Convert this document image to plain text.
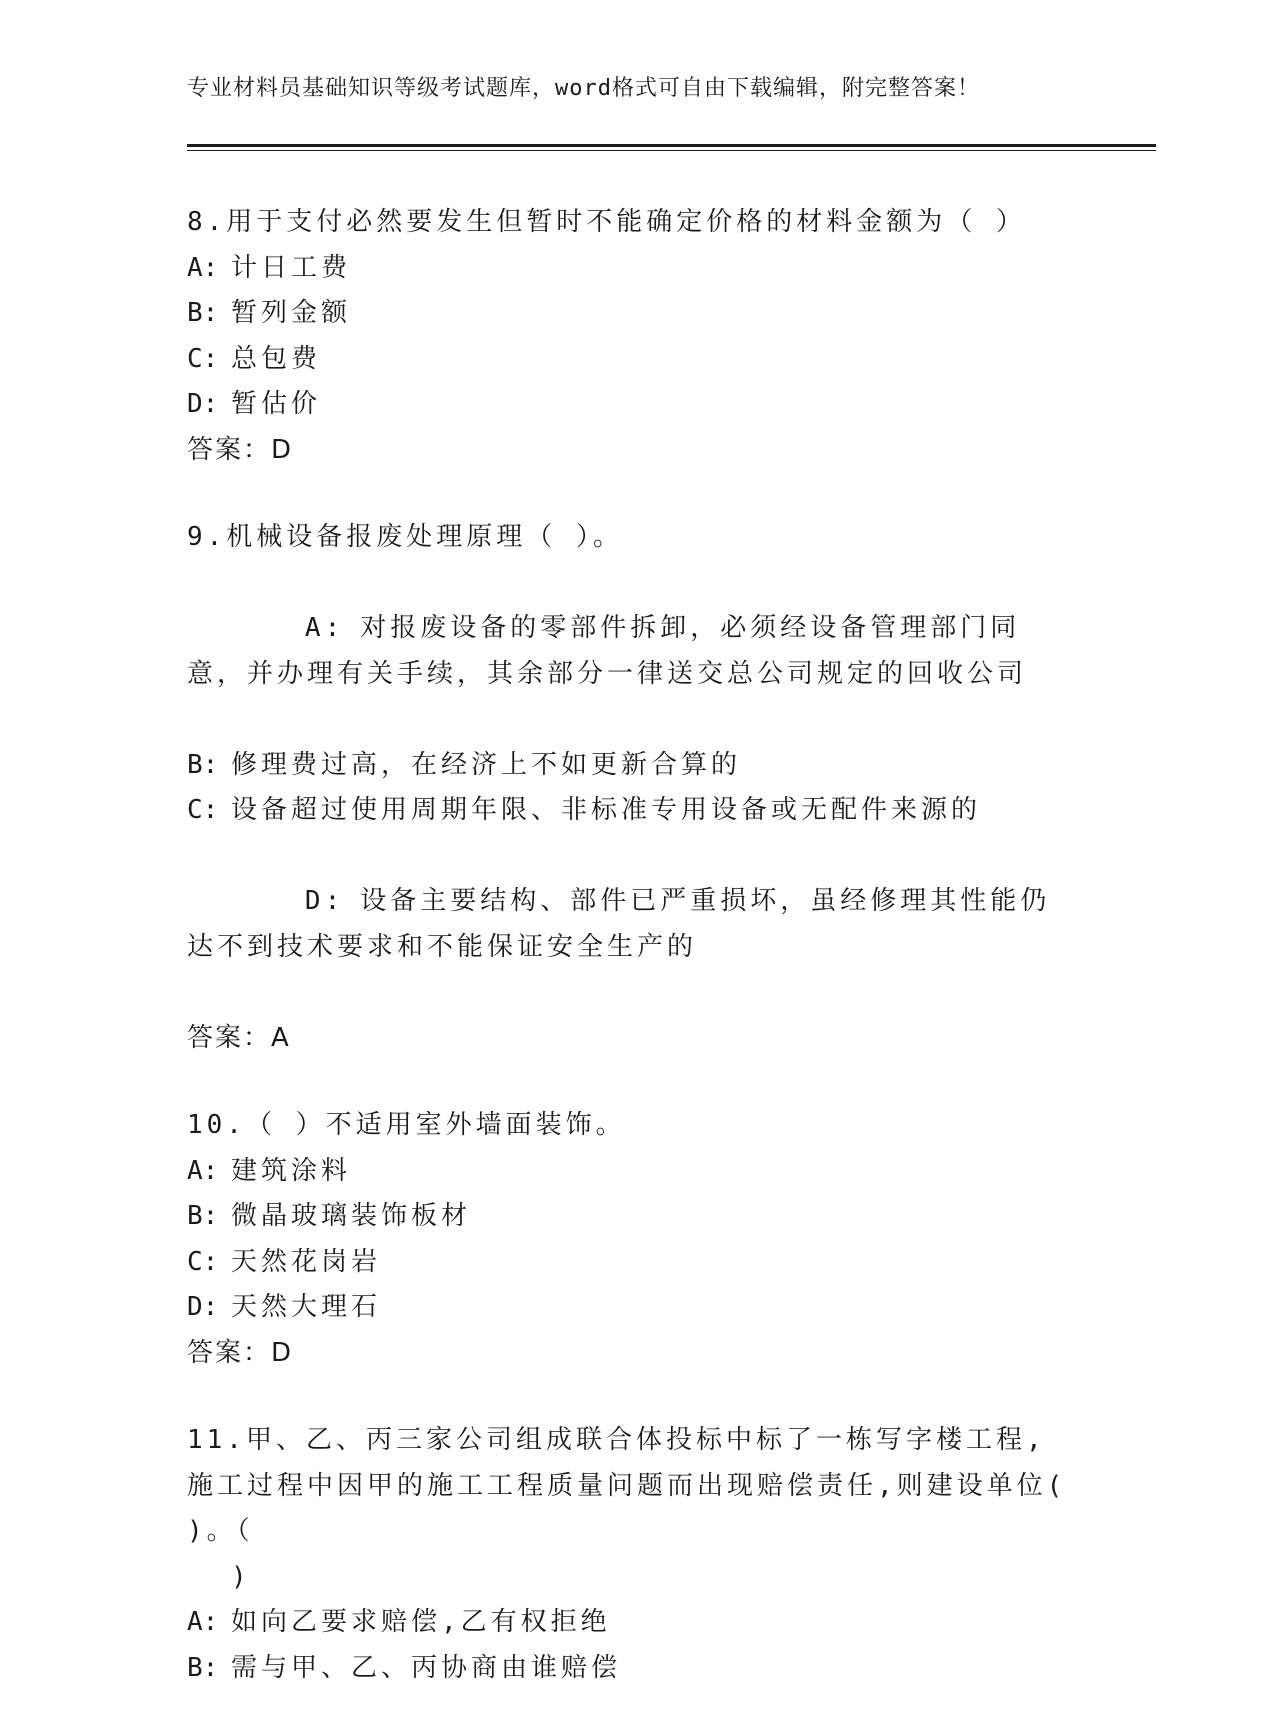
专业材料员基础知识等级考试题库，word格式可自由下载编辑，附完整答案！
8.用于支付必然要发生但暂时不能确定价格的材料金额为（ ）
A: 计日工费
B: 暂列金额
C: 总包费
D: 暂估价
答案：D
9.机械设备报废处理原理（ ）。

A: 对报废设备的零部件拆卸，必须经设备管理部门同意，并办理有关手续，其余部分一律送交总公司规定的回收公司

B: 修理费过高，在经济上不如更新合算的
C: 设备超过使用周期年限、非标准专用设备或无配件来源的

D: 设备主要结构、部件已严重损坏，虽经修理其性能仍达不到技术要求和不能保证安全生产的

答案：A
10.（ ）不适用室外墙面装饰。
A: 建筑涂料
B: 微晶玻璃装饰板材
C: 天然花岗岩
D: 天然大理石
答案：D
11.甲、乙、丙三家公司组成联合体投标中标了一栋写字楼工程,施工过程中因甲的施工工程质量问题而出现赔偿责任,则建设单位( )。（
)
A: 如向乙要求赔偿,乙有权拒绝
B: 需与甲、乙、丙协商由谁赔偿
